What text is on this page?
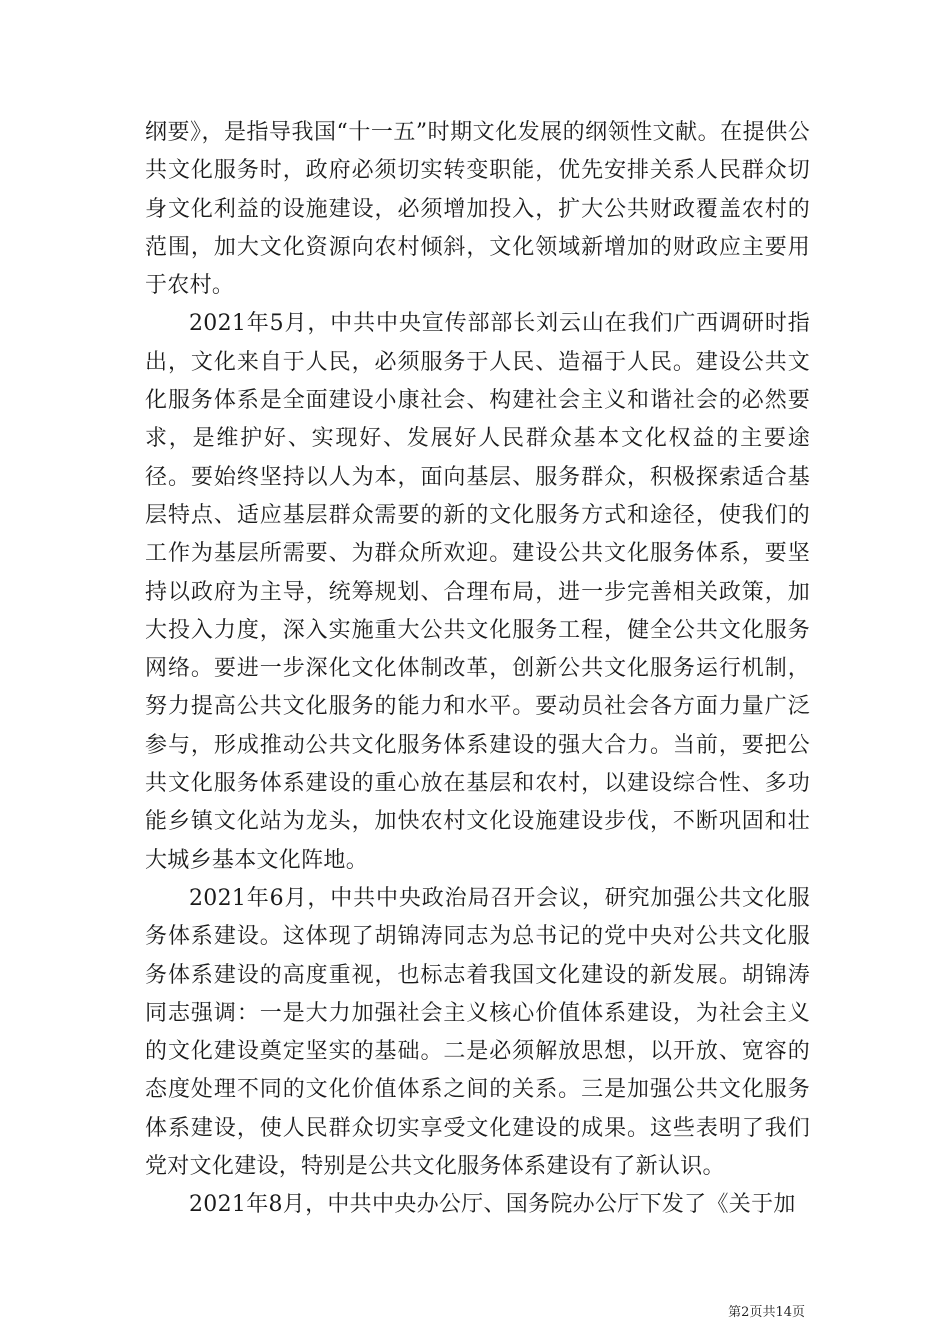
纲要》，是指导我国“十一五”时期文化发展的纲领性文献。在提供公共文化服务时，政府必须切实转变职能，优先安排关系人民群众切身文化利益的设施建设，必须增加投入，扩大公共财政覆盖农村的范围，加大文化资源向农村倾斜，文化领域新增加的财政应主要用于农村。

2021年5月，中共中央宣传部部长刘云山在我们广西调研时指出，文化来自于人民，必须服务于人民、造福于人民。建设公共文化服务体系是全面建设小康社会、构建社会主义和谐社会的必然要求，是维护好、实现好、发展好人民群众基本文化权益的主要途径。要始终坚持以人为本，面向基层、服务群众，积极探索适合基层特点、适应基层群众需要的新的文化服务方式和途径，使我们的工作为基层所需要、为群众所欢迎。建设公共文化服务体系，要坚持以政府为主导，统筹规划、合理布局，进一步完善相关政策，加大投入力度，深入实施重大公共文化服务工程，健全公共文化服务网络。要进一步深化文化体制改革，创新公共文化服务运行机制，努力提高公共文化服务的能力和水平。要动员社会各方面力量广泛参与，形成推动公共文化服务体系建设的强大合力。当前，要把公共文化服务体系建设的重心放在基层和农村，以建设综合性、多功能乡镇文化站为龙头，加快农村文化设施建设步伐，不断巩固和壮大城乡基本文化阵地。

2021年6月，中共中央政治局召开会议，研究加强公共文化服务体系建设。这体现了胡锦涛同志为总书记的党中央对公共文化服务体系建设的高度重视，也标志着我国文化建设的新发展。胡锦涛同志强调：一是大力加强社会主义核心价值体系建设，为社会主义的文化建设奠定坚实的基础。二是必须解放思想，以开放、宽容的态度处理不同的文化价值体系之间的关系。三是加强公共文化服务体系建设，使人民群众切实享受文化建设的成果。这些表明了我们党对文化建设，特别是公共文化服务体系建设有了新认识。

2021年8月，中共中央办公厅、国务院办公厅下发了《关于加

第2页共14页
